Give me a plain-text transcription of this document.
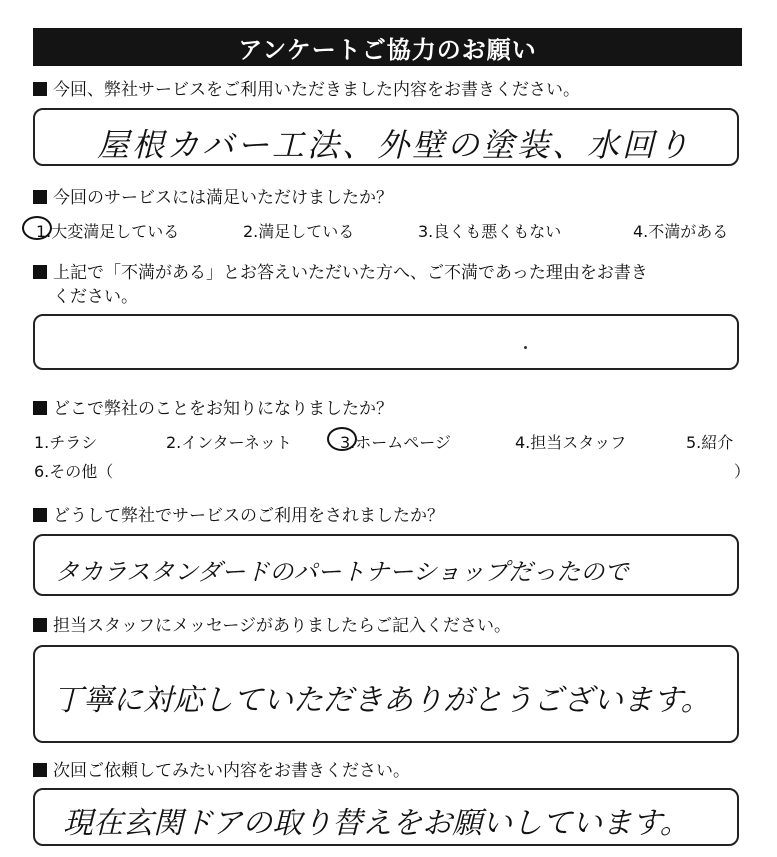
アンケートご協力のお願い
今回、弊社サービスをご利用いただきました内容をお書きください。
屋根カバー工法、外壁の塗装、水回り
今回のサービスには満足いただけましたか？
1.大変満足している	2.満足している	3.良くも悪くもない	4.不満がある
上記で「不満がある」とお答えいただいた方へ、ご不満であった理由をお書き
ください。
どこで弊社のことをお知りになりましたか？
1.チラシ	2.インターネット	3.ホームページ	4.担当スタッフ	5.紹介
6.その他（	）
どうして弊社でサービスのご利用をされましたか？
タカラスタンダードのパートナーショップだったので
担当スタッフにメッセージがありましたらご記入ください。
丁寧に対応していただきありがとうございます。
次回ご依頼してみたい内容をお書きください。
現在玄関ドアの取り替えをお願いしています。
